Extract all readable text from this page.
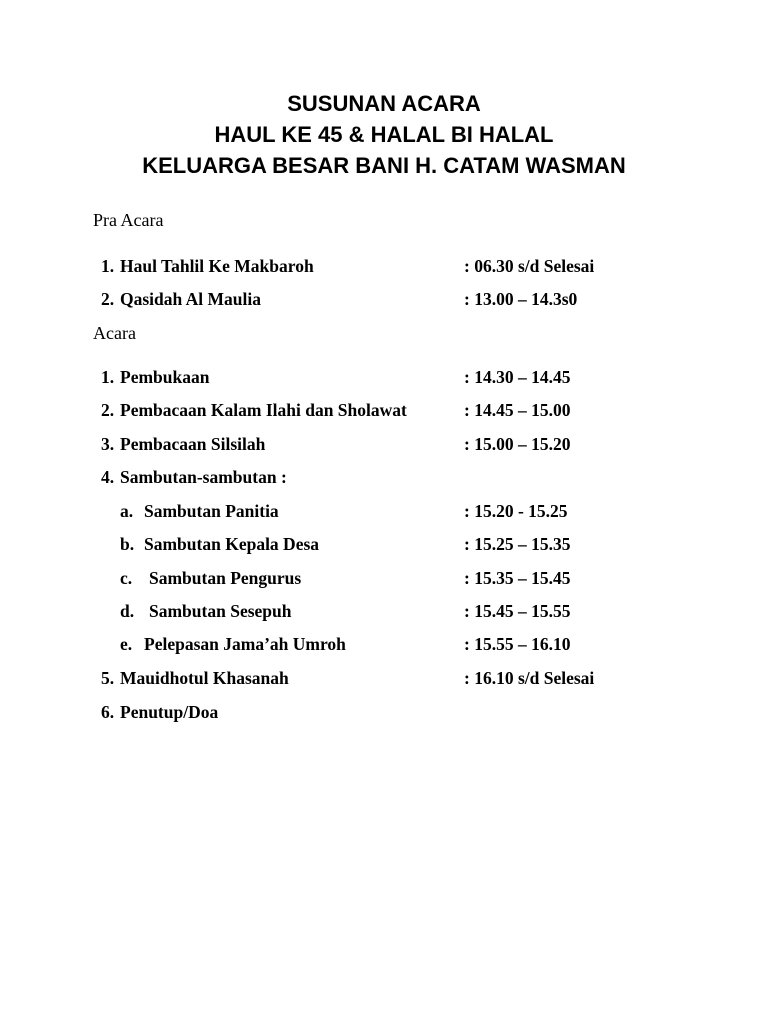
SUSUNAN ACARA
HAUL KE 45 & HALAL BI HALAL
KELUARGA BESAR BANI H. CATAM WASMAN
Pra Acara
1. Haul Tahlil Ke Makbaroh	: 06.30 s/d Selesai
2. Qasidah Al Maulia	: 13.00 – 14.3s0
Acara
1. Pembukaan	: 14.30 – 14.45
2. Pembacaan Kalam Ilahi dan Sholawat	: 14.45 – 15.00
3. Pembacaan Silsilah	: 15.00 – 15.20
4. Sambutan-sambutan :
a. Sambutan Panitia	: 15.20 - 15.25
b. Sambutan Kepala Desa	: 15.25 – 15.35
c. Sambutan Pengurus	: 15.35 – 15.45
d. Sambutan Sesepuh	: 15.45 – 15.55
e. Pelepasan Jama’ah Umroh	: 15.55 – 16.10
5. Mauidhotul Khasanah	: 16.10 s/d Selesai
6. Penutup/Doa
